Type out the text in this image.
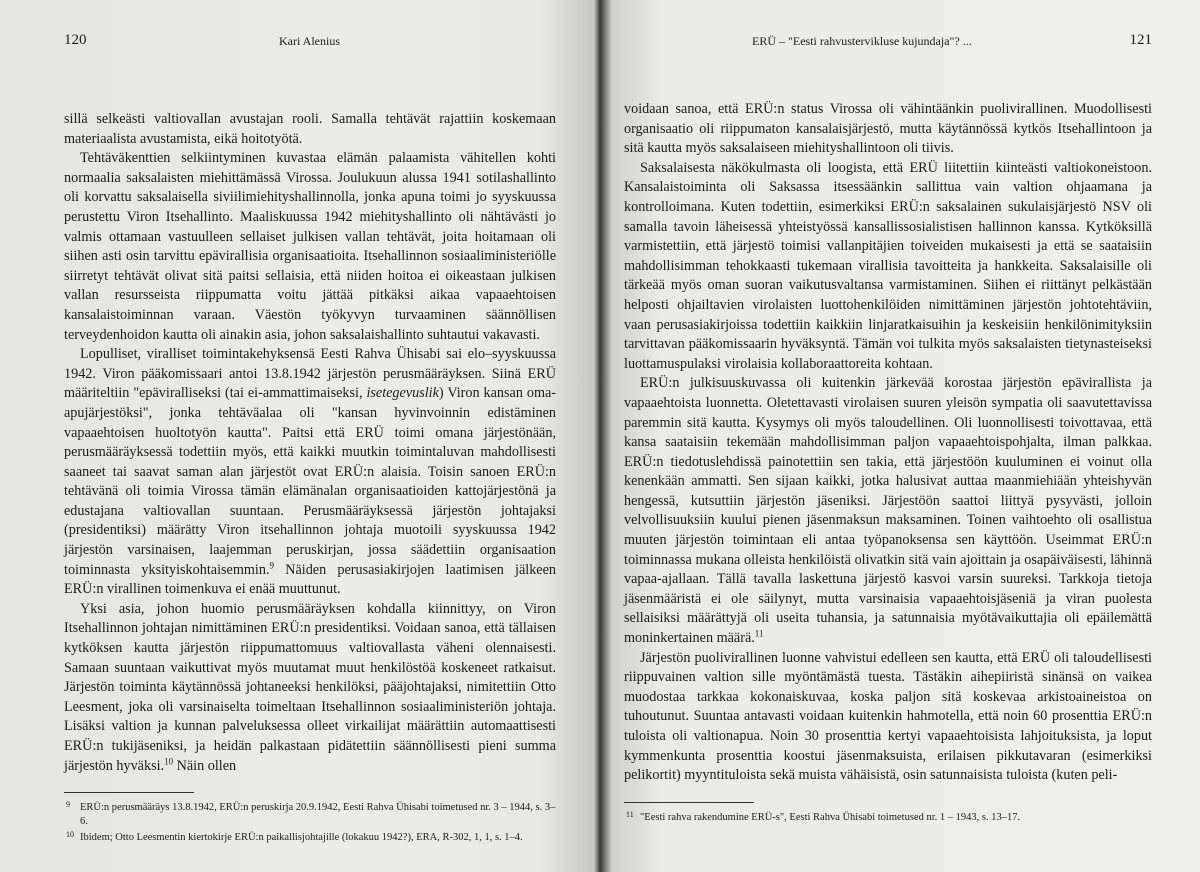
120	Kari Alenius

sillä selkeästi valtiovallan avustajan rooli. Samalla tehtävät rajattiin koskemaan materiaalista avustamista, eikä hoitotyötä.

Tehtäväkenttien selkiintyminen kuvastaa elämän palaamista vähitellen kohti normaalia saksalaisten miehittämässä Virossa. Joulukuun alussa 1941 sotilashallinto oli korvattu saksalaisella siviilimiehityshallinnolla, jonka apuna toimi jo syyskuussa perustettu Viron Itsehallinto. Maaliskuussa 1942 miehityshallinto oli nähtävästi jo valmis ottamaan vastuulleen sellaiset julkisen vallan tehtävät, joita hoitamaan oli siihen asti osin tarvittu epävirallisia organisaatioita. Itsehallinnon sosiaaliministeriölle siirretyt tehtävät olivat sitä paitsi sellaisia, että niiden hoitoa ei oikeastaan julkisen vallan resursseista riippumatta voitu jättää pitkäksi aikaa vapaaehtoisen kansalaistoiminnan varaan. Väestön työkyvyn turvaaminen säännöllisen terveydenhoidon kautta oli ainakin asia, johon saksalaishallinto suhtautui vakavasti.

Lopulliset, viralliset toimintakehyksensä Eesti Rahva Ühisabi sai elo–syyskuussa 1942. Viron pääkomissaari antoi 13.8.1942 järjestön perusmääräyksen. Siinä ERÜ määriteltiin "epäviralliseksi (tai ei-ammattimaiseksi, isetegevuslik) Viron kansan oma-apujärjestöksi", jonka tehtäväalaa oli "kansan hyvinvoinnin edistäminen vapaaehtoisen huoltotyön kautta". Paitsi että ERÜ toimi omana järjestönään, perusmääräyksessä todettiin myös, että kaikki muutkin toimintaluvan mahdollisesti saaneet tai saavat saman alan järjestöt ovat ERÜ:n alaisia. Toisin sanoen ERÜ:n tehtävänä oli toimia Virossa tämän elämänalan organisaatioiden kattojärjestönä ja edustajana valtiovallan suuntaan. Perusmääräyksessä järjestön johtajaksi (presidentiksi) määrätty Viron itsehallinnon johtaja muotoili syyskuussa 1942 järjestön varsinaisen, laajemman peruskirjan, jossa säädettiin organisaation toiminnasta yksityiskohtaisemmin.$^9$ Näiden perusasiakirjojen laatimisen jälkeen ERÜ:n virallinen toimenkuva ei enää muuttunut.

Yksi asia, johon huomio perusmääräyksen kohdalla kiinnittyy, on Viron Itsehallinnon johtajan nimittäminen ERÜ:n presidentiksi. Voidaan sanoa, että tällaisen kytköksen kautta järjestön riippumattomuus valtiovallasta väheni olennaisesti. Samaan suuntaan vaikuttivat myös muutamat muut henkilöstöä koskeneet ratkaisut. Järjestön toiminta käytännössä johtaneeksi henkilöksi, pääjohtajaksi, nimitettiin Otto Leesment, joka oli varsinaiselta toimeltaan Itsehallinnon sosiaaliministeriön johtaja. Lisäksi valtion ja kunnan palveluksessa olleet virkailijat määrättiin automaattisesti ERÜ:n tukijäseniksi, ja heidän palkastaan pidätettiin säännöllisesti pieni summa järjestön hyväksi.$^{10}$ Näin ollen

9 ERÜ:n perusmääräys 13.8.1942, ERÜ:n peruskirja 20.9.1942, Eesti Rahva Ühisabi toimetused nr. 3 – 1944, s. 3–6.
10 Ibidem; Otto Leesmentin kiertokirje ERÜ:n paikallisjohtajille (lokakuu 1942?), ERA, R-302, 1, 1, s. 1–4.
ERÜ – "Eesti rahvustervikluse kujundaja"? ...	121

voidaan sanoa, että ERÜ:n status Virossa oli vähintäänkin puolivirallinen. Muodollisesti organisaatio oli riippumaton kansalaisjärjestö, mutta käytännössä kytkös Itsehallintoon ja sitä kautta myös saksalaiseen miehityshallintoon oli tiivis.

Saksalaisesta näkökulmasta oli loogista, että ERÜ liitettiin kiinteästi valtiokoneistoon. Kansalaistoiminta oli Saksassa itsessäänkin sallittua vain valtion ohjaamana ja kontrolloimana. Kuten todettiin, esimerkiksi ERÜ:n saksalainen sukulaisjärjestö NSV oli samalla tavoin läheisessä yhteistyössä kansallissosialistisen hallinnon kanssa. Kytköksillä varmistettiin, että järjestö toimisi vallanpitäjien toiveiden mukaisesti ja että se saataisiin mahdollisimman tehokkaasti tukemaan virallisia tavoitteita ja hankkeita. Saksalaisille oli tärkeää myös oman suoran vaikutusvaltansa varmistaminen. Siihen ei riittänyt pelkästään helposti ohjailtavien virolaisten luottohenkilöiden nimittäminen järjestön johtotehtäviin, vaan perusasiakirjoissa todettiin kaikkiin linjaratkaisuihin ja keskeisiin henkilönimityksiin tarvittavan pääkomissaarin hyväksyntä. Tämän voi tulkita myös saksalaisten tietynasteiseksi luottamuspulaksi virolaisia kollaboraattoreita kohtaan.

ERÜ:n julkisuuskuvassa oli kuitenkin järkevää korostaa järjestön epävirallista ja vapaaehtoista luonnetta. Oletettavasti virolaisen suuren yleisön sympatia oli saavutettavissa paremmin sitä kautta. Kysymys oli myös taloudellinen. Oli luonnollisesti toivottavaa, että kansa saataisiin tekemään mahdollisimman paljon vapaaehtoispohjalta, ilman palkkaa. ERÜ:n tiedotuslehdissä painotettiin sen takia, että järjestöön kuuluminen ei voinut olla kenenkään ammatti. Sen sijaan kaikki, jotka halusivat auttaa maanmiehiään yhteishyvän hengessä, kutsuttiin järjestön jäseniksi. Järjestöön saattoi liittyä pysyvästi, jolloin velvollisuuksiin kuului pienen jäsenmaksun maksaminen. Toinen vaihtoehto oli osallistua muuten järjestön toimintaan eli antaa työpanoksensa sen käyttöön. Useimmat ERÜ:n toiminnassa mukana olleista henkilöistä olivatkin sitä vain ajoittain ja osapäiväisesti, lähinnä vapaa-ajallaan. Tällä tavalla laskettuna järjestö kasvoi varsin suureksi. Tarkkoja tietoja jäsenmääristä ei ole säilynyt, mutta varsinaisia vapaaehtoisjäseniä ja viran puolesta sellaisiksi määrättyjä oli useita tuhansia, ja satunnaisia myötävaikuttajia oli epäilemättä moninkertainen määrä.$^{11}$

Järjestön puolivirallinen luonne vahvistui edelleen sen kautta, että ERÜ oli taloudellisesti riippuvainen valtion sille myöntämästä tuesta. Tästäkin aihepiiristä sinänsä on vaikea muodostaa tarkkaa kokonaiskuvaa, koska paljon sitä koskevaa arkistoaineistoa on tuhoutunut. Suuntaa antavasti voidaan kuitenkin hahmotella, että noin 60 prosenttia ERÜ:n tuloista oli valtionapua. Noin 30 prosenttia kertyi vapaaehtoisista lahjoituksista, ja loput kymmenkunta prosenttia koostui jäsenmaksuista, erilaisen pikkutavaran (esimerkiksi pelikortit) myyntituloista sekä muista vähäisistä, osin satunnaisista tuloista (kuten peli-

11 "Eesti rahva rakendumine ERÜ-s", Eesti Rahva Ühisabi toimetused nr. 1 – 1943, s. 13–17.
